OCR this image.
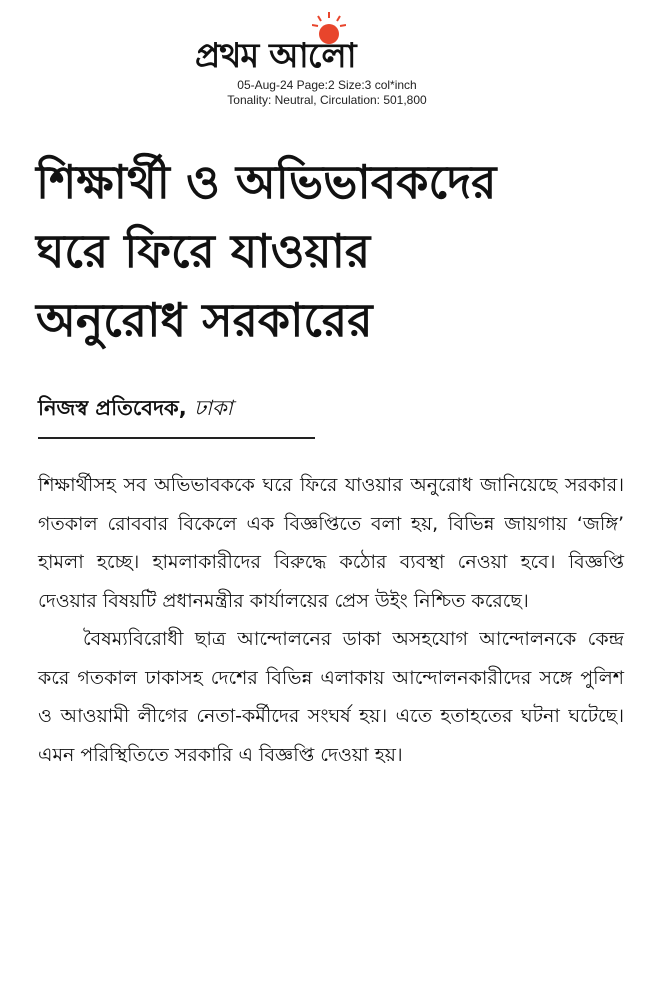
প্রথম আলো
05-Aug-24 Page:2 Size:3 col*inch
Tonality: Neutral, Circulation: 501,800
শিক্ষার্থী ও অভিভাবকদের
ঘরে ফিরে যাওয়ার
অনুরোধ সরকারের
নিজস্ব প্রতিবেদক, ঢাকা

শিক্ষার্থীসহ সব অভিভাবককে ঘরে ফিরে যাওয়ার অনুরোধ জানিয়েছে সরকার। গতকাল রোববার বিকেলে এক বিজ্ঞপ্তিতে বলা হয়, বিভিন্ন জায়গায় ‘জঙ্গি’ হামলা হচ্ছে। হামলাকারীদের বিরুদ্ধে কঠোর ব্যবস্থা নেওয়া হবে। বিজ্ঞপ্তি দেওয়ার বিষয়টি প্রধানমন্ত্রীর কার্যালয়ের প্রেস উইং নিশ্চিত করেছে।

বৈষম্যবিরোধী ছাত্র আন্দোলনের ডাকা অসহযোগ আন্দোলনকে কেন্দ্র করে গতকাল ঢাকাসহ দেশের বিভিন্ন এলাকায় আন্দোলনকারীদের সঙ্গে পুলিশ ও আওয়ামী লীগের নেতা-কর্মীদের সংঘর্ষ হয়। এতে হতাহতের ঘটনা ঘটেছে। এমন পরিস্থিতিতে সরকারি এ বিজ্ঞপ্তি দেওয়া হয়।
